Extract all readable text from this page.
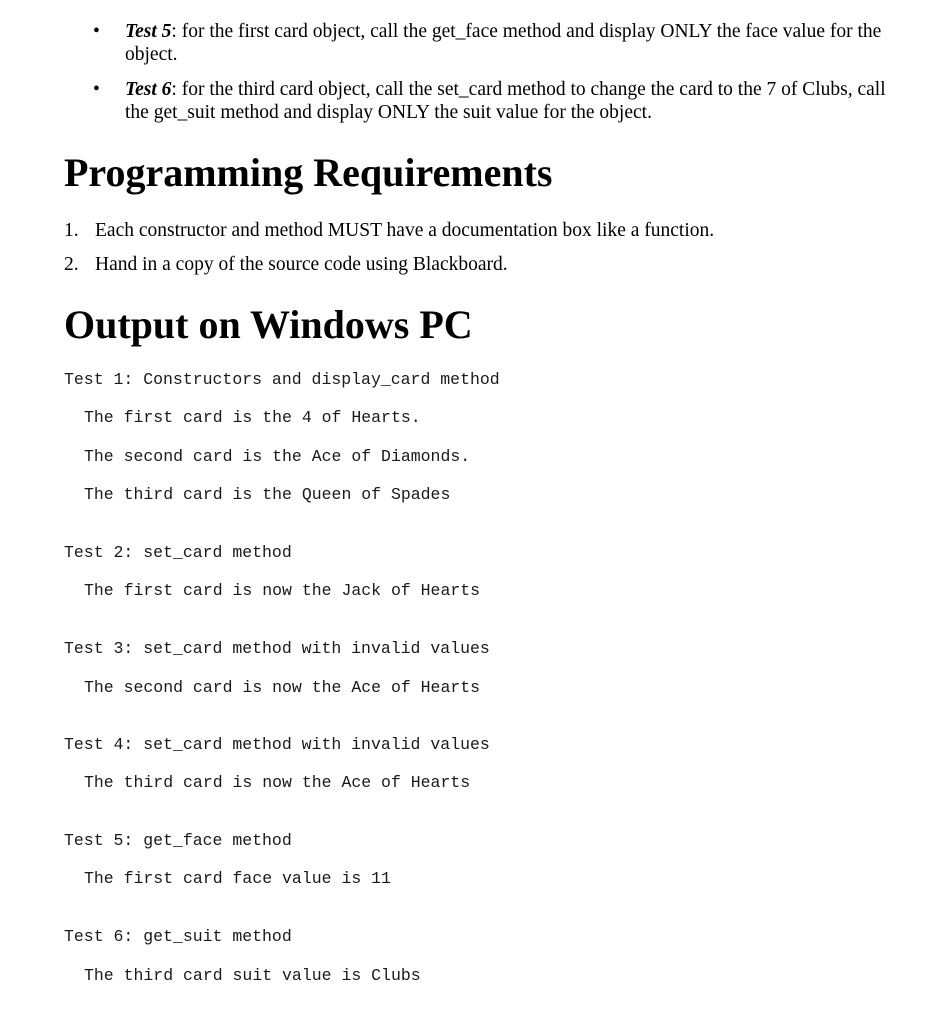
• Test 5: for the first card object, call the get_face method and display ONLY the face value for the object.
• Test 6: for the third card object, call the set_card method to change the card to the 7 of Clubs, call the get_suit method and display ONLY the suit value for the object.
Programming Requirements
1. Each constructor and method MUST have a documentation box like a function.
2. Hand in a copy of the source code using Blackboard.
Output on Windows PC
Test 1: Constructors and display_card method
The first card is the 4 of Hearts.
The second card is the Ace of Diamonds.
The third card is the Queen of Spades
Test 2: set_card method
The first card is now the Jack of Hearts
Test 3: set_card method with invalid values
The second card is now the Ace of Hearts
Test 4: set_card method with invalid values
The third card is now the Ace of Hearts
Test 5: get_face method
The first card face value is 11
Test 6: get_suit method
The third card suit value is Clubs
